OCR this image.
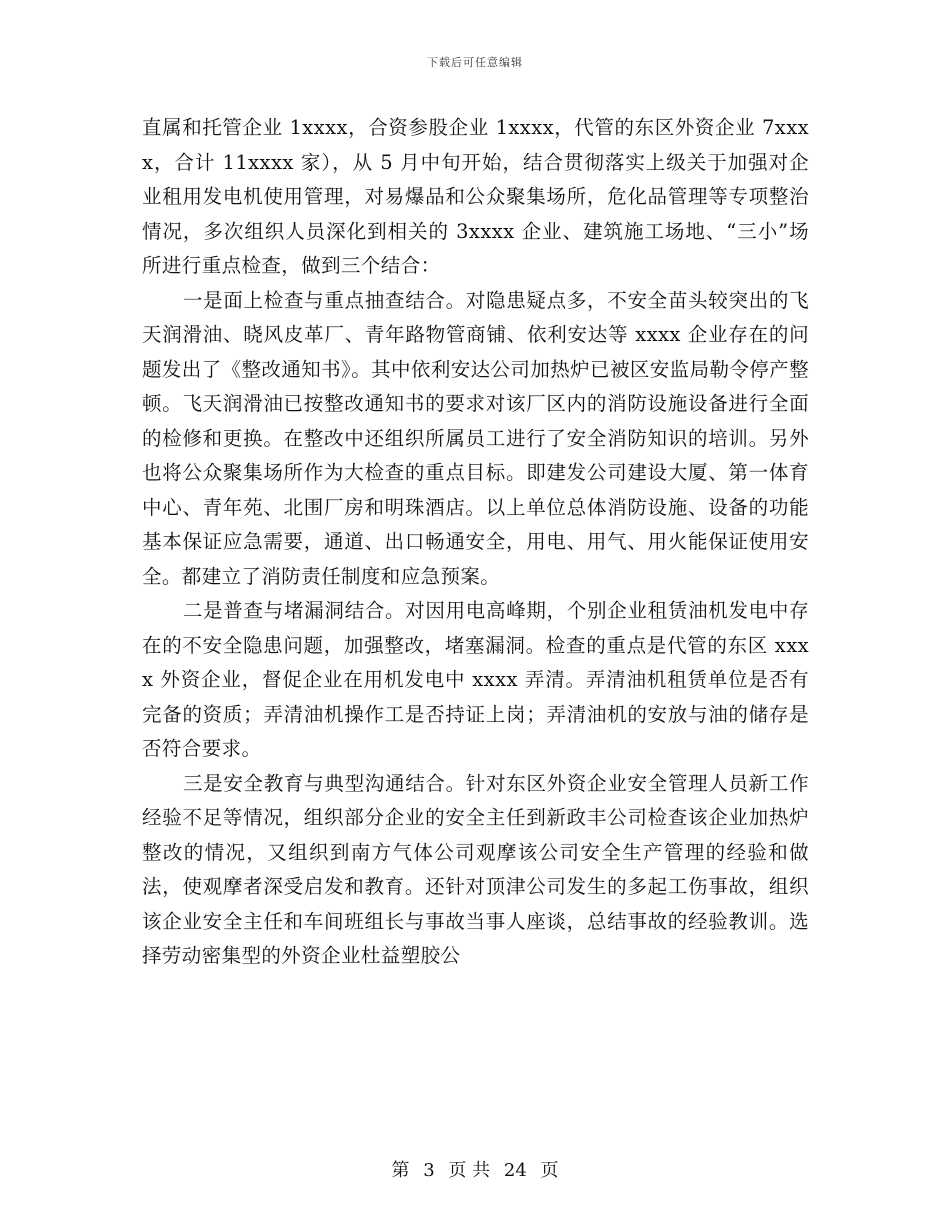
下载后可任意编辑

直属和托管企业 1xxxx，合资参股企业 1xxxx，代管的东区外资企业 7xxxx，合计 11xxxx 家），从 5 月中旬开始，结合贯彻落实上级关于加强对企业租用发电机使用管理，对易爆品和公众聚集场所，危化品管理等专项整治情况，多次组织人员深化到相关的 3xxxx 企业、建筑施工场地、“三小”场所进行重点检查，做到三个结合：

一是面上检查与重点抽查结合。对隐患疑点多，不安全苗头较突出的飞天润滑油、晓风皮革厂、青年路物管商铺、依利安达等 xxxx 企业存在的问题发出了《整改通知书》。其中依利安达公司加热炉已被区安监局勒令停产整顿。飞天润滑油已按整改通知书的要求对该厂区内的消防设施设备进行全面的检修和更换。在整改中还组织所属员工进行了安全消防知识的培训。另外也将公众聚集场所作为大检查的重点目标。即建发公司建设大厦、第一体育中心、青年苑、北围厂房和明珠酒店。以上单位总体消防设施、设备的功能基本保证应急需要，通道、出口畅通安全，用电、用气、用火能保证使用安全。都建立了消防责任制度和应急预案。

二是普查与堵漏洞结合。对因用电高峰期，个别企业租赁油机发电中存在的不安全隐患问题，加强整改，堵塞漏洞。检查的重点是代管的东区 xxxx 外资企业，督促企业在用机发电中 xxxx 弄清。弄清油机租赁单位是否有完备的资质；弄清油机操作工是否持证上岗；弄清油机的安放与油的储存是否符合要求。

三是安全教育与典型沟通结合。针对东区外资企业安全管理人员新工作经验不足等情况，组织部分企业的安全主任到新政丰公司检查该企业加热炉整改的情况，又组织到南方气体公司观摩该公司安全生产管理的经验和做法，使观摩者深受启发和教育。还针对顶津公司发生的多起工伤事故，组织该企业安全主任和车间班组长与事故当事人座谈，总结事故的经验教训。选择劳动密集型的外资企业杜益塑胶公

第 3 页 共 24 页
